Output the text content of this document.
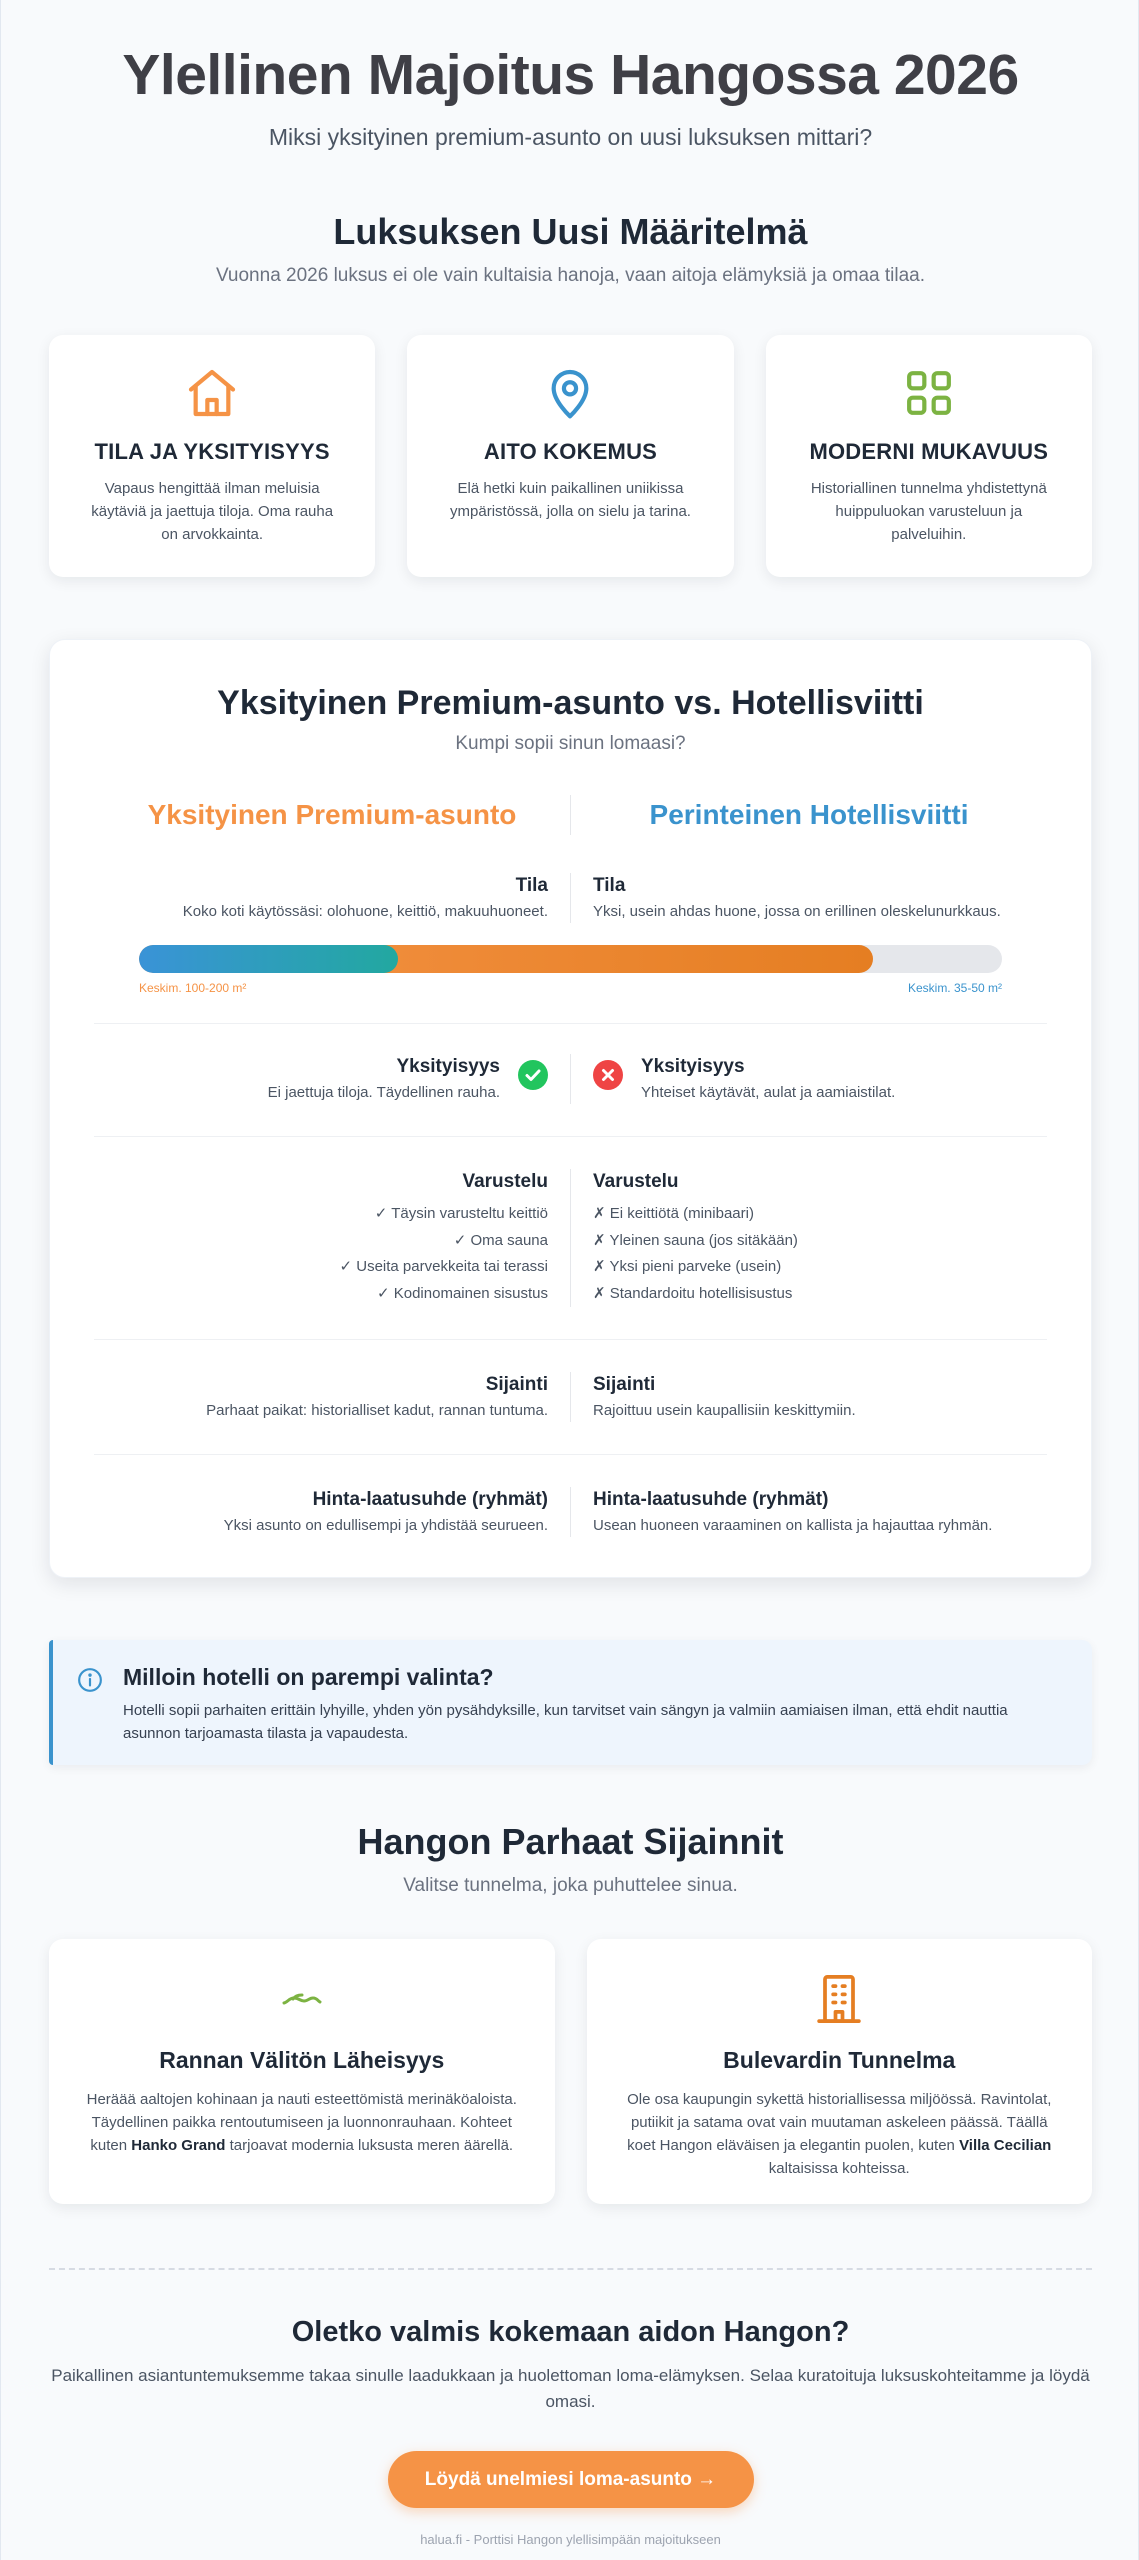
Ylellinen Majoitus Hangossa 2026

Miksi yksityinen premium-asunto on uusi luksuksen mittari?

Luksuksen Uusi Määritelmä

Vuonna 2026 luksus ei ole vain kultaisia hanoja, vaan aitoja elämyksiä ja omaa tilaa.

TILA JA YKSITYISYYS

Vapaus hengittää ilman meluisia käytäviä ja jaettuja tiloja. Oma rauha on arvokkainta.

AITO KOKEMUS

Elä hetki kuin paikallinen uniikissa ympäristössä, jolla on sielu ja tarina.

MODERNI MUKAVUUS

Historiallinen tunnelma yhdistettynä huippuluokan varusteluun ja palveluihin.

Yksityinen Premium-asunto vs. Hotellisviitti

Kumpi sopii sinun lomaasi?

Yksityinen Premium-asunto	Perinteinen Hotellisviitti
Tila
Koko koti käytössäsi: olohuone, keittiö, makuuhuoneet.
Tila
Yksi, usein ahdas huone, jossa on erillinen oleskelunurkkaus.
Keskim. 100-200 m²	Keskim. 35-50 m²
Yksityisyys
Ei jaettuja tiloja. Täydellinen rauha.
Yksityisyys
Yhteiset käytävät, aulat ja aamiaistilat.
Varustelu
✓ Täysin varusteltu keittiö
✓ Oma sauna
✓ Useita parvekkeita tai terassi
✓ Kodinomainen sisustus
Varustelu
✗ Ei keittiötä (minibaari)
✗ Yleinen sauna (jos sitäkään)
✗ Yksi pieni parveke (usein)
✗ Standardoitu hotellisisustus
Sijainti
Parhaat paikat: historialliset kadut, rannan tuntuma.
Sijainti
Rajoittuu usein kaupallisiin keskittymiin.
Hinta-laatusuhde (ryhmät)
Yksi asunto on edullisempi ja yhdistää seurueen.
Hinta-laatusuhde (ryhmät)
Usean huoneen varaaminen on kallista ja hajauttaa ryhmän.
Milloin hotelli on parempi valinta?
Hotelli sopii parhaiten erittäin lyhyille, yhden yön pysähdyksille, kun tarvitset vain sängyn ja valmiin aamiaisen ilman, että ehdit nauttia asunnon tarjoamasta tilasta ja vapaudesta.
Hangon Parhaat Sijainnit

Valitse tunnelma, joka puhuttelee sinua.

Rannan Välitön Läheisyys

Heräää aaltojen kohinaan ja nauti esteettömistä merinäköaloista. Täydellinen paikka rentoutumiseen ja luonnonrauhaan. Kohteet kuten Hanko Grand tarjoavat modernia luksusta meren äärellä.

Bulevardin Tunnelma

Ole osa kaupungin sykettä historiallisessa miljöössä. Ravintolat, putiikit ja satama ovat vain muutaman askeleen päässä. Täällä koet Hangon eläväisen ja elegantin puolen, kuten Villa Cecilian kaltaisissa kohteissa.

Oletko valmis kokemaan aidon Hangon?

Paikallinen asiantuntemuksemme takaa sinulle laadukkaan ja huolettoman loma-elämyksen. Selaa kuratoituja luksuskohteitamme ja löydä omasi.

Löydä unelmiesi loma-asunto →

halua.fi - Porttisi Hangon ylellisimpään majoitukseen
